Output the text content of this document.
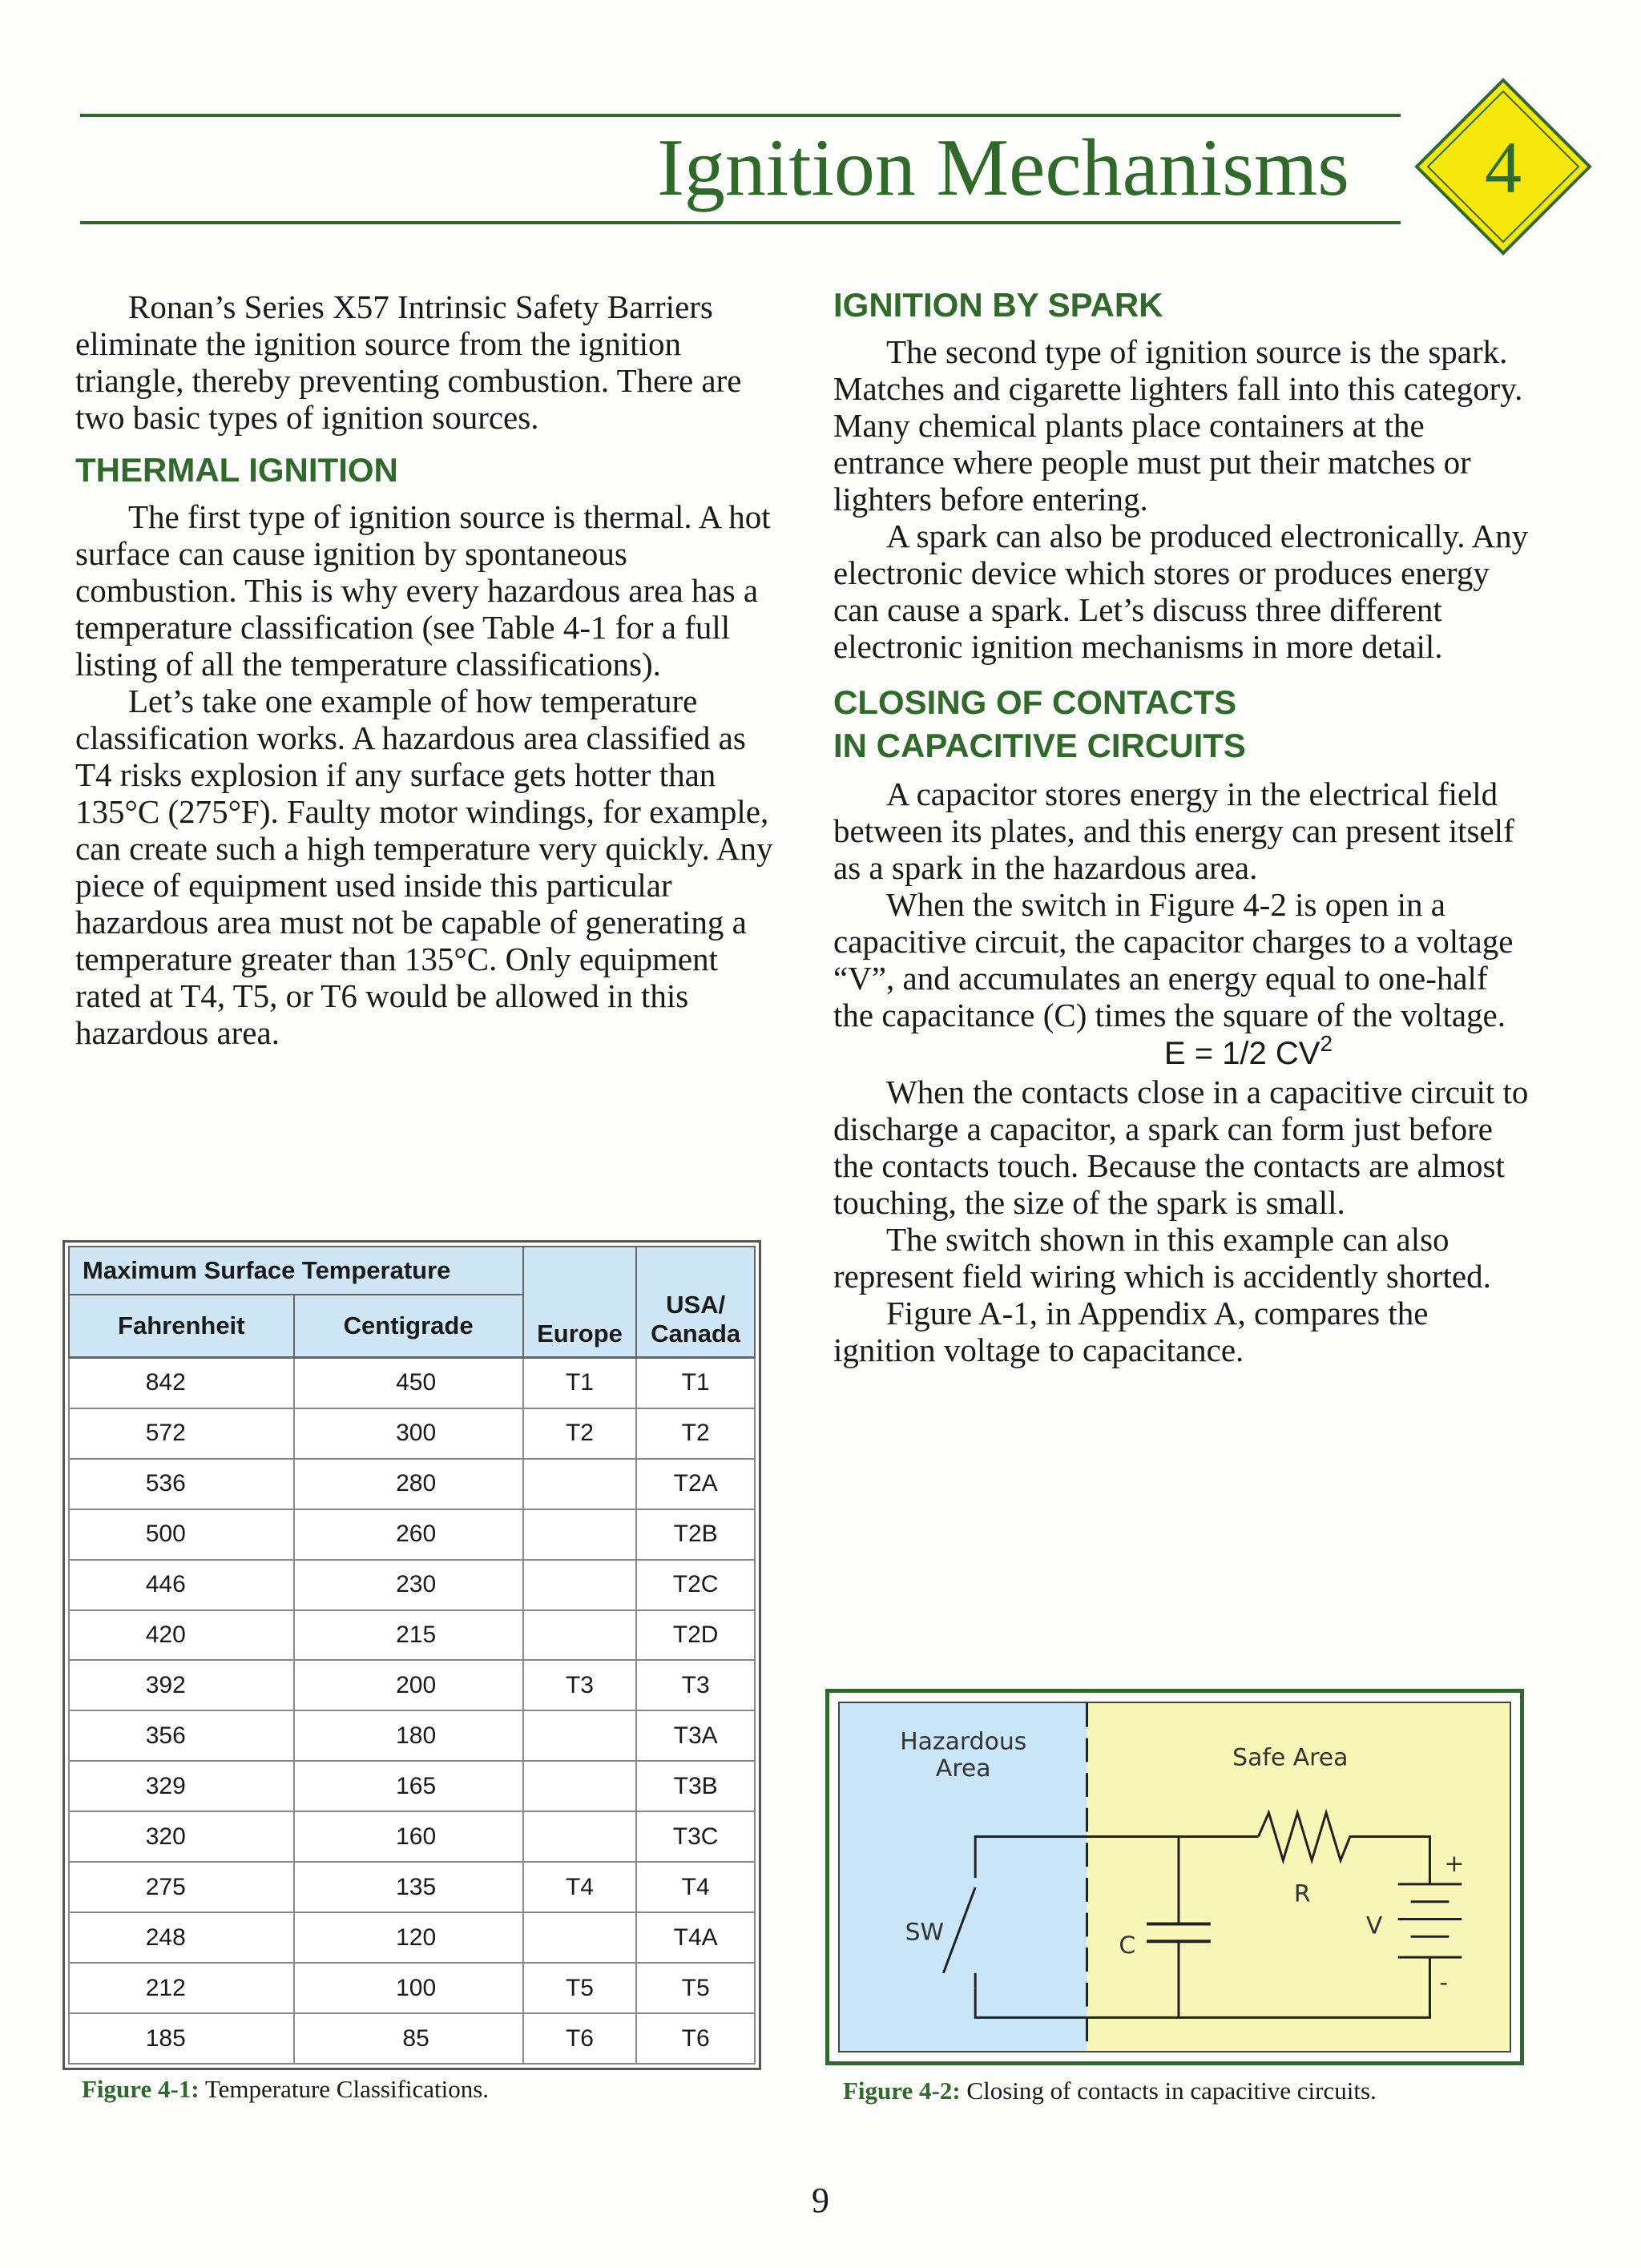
Ignition Mechanisms 4

Ronan’s Series X57 Intrinsic Safety Barriers eliminate the ignition source from the ignition triangle, thereby preventing combustion. There are two basic types of ignition sources.

THERMAL IGNITION

The first type of ignition source is thermal. A hot surface can cause ignition by spontaneous combustion. This is why every hazardous area has a temperature classification (see Table 4-1 for a full listing of all the temperature classifications).

Let’s take one example of how temperature classification works. A hazardous area classified as T4 risks explosion if any surface gets hotter than 135°C (275°F). Faulty motor windings, for example, can create such a high temperature very quickly. Any piece of equipment used inside this particular hazardous area must not be capable of generating a temperature greater than 135°C. Only equipment rated at T4, T5, or T6 would be allowed in this hazardous area.

Maximum Surface Temperature		Europe	USA/
Canada
Fahrenheit	Centigrade		
842	450	T1	T1
572	300	T2	T2
536	280		T2A
500	260		T2B
446	230		T2C
420	215		T2D
392	200	T3	T3
356	180		T3A
329	165		T3B
320	160		T3C
275	135	T4	T4
248	120		T4A
212	100	T5	T5
185	85	T6	T6

Figure 4-1: Temperature Classifications.

IGNITION BY SPARK

The second type of ignition source is the spark. Matches and cigarette lighters fall into this category. Many chemical plants place containers at the entrance where people must put their matches or lighters before entering.

A spark can also be produced electronically. Any electronic device which stores or produces energy can cause a spark. Let’s discuss three different electronic ignition mechanisms in more detail.

CLOSING OF CONTACTS
IN CAPACITIVE CIRCUITS

A capacitor stores energy in the electrical field between its plates, and this energy can present itself as a spark in the hazardous area.

When the switch in Figure 4-2 is open in a capacitive circuit, the capacitor charges to a voltage “V”, and accumulates an energy equal to one-half the capacitance (C) times the square of the voltage.

E = 1/2 $CV^2$

When the contacts close in a capacitive circuit to discharge a capacitor, a spark can form just before the contacts touch. Because the contacts are almost touching, the size of the spark is small.

The switch shown in this example can also represent field wiring which is accidently shorted.

Figure A-1, in Appendix A, compares the ignition voltage to capacitance.

Hazardous
Area	Safe Area
SW	C
R
+
V
-

Figure 4-2: Closing of contacts in capacitive circuits.

9
